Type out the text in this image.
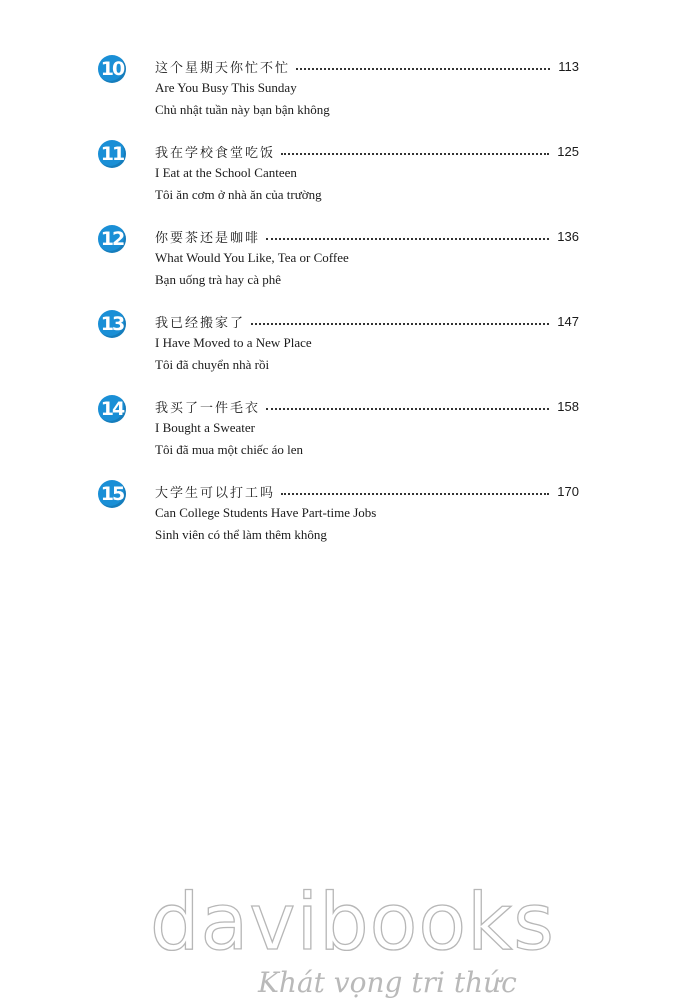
10 这个星期天你忙不忙	113
Are You Busy This Sunday
Chủ nhật tuần này bạn bận không
11 我在学校食堂吃饭	125
I Eat at the School Canteen
Tôi ăn cơm ở nhà ăn của trường
12 你要茶还是咖啡	136
What Would You Like, Tea or Coffee
Bạn uống trà hay cà phê
13 我已经搬家了	147
I Have Moved to a New Place
Tôi đã chuyển nhà rồi
14 我买了一件毛衣	158
I Bought a Sweater
Tôi đã mua một chiếc áo len
15 大学生可以打工吗	170
Can College Students Have Part-time Jobs
Sinh viên có thể làm thêm không
davibooks
Khát vọng tri thức
